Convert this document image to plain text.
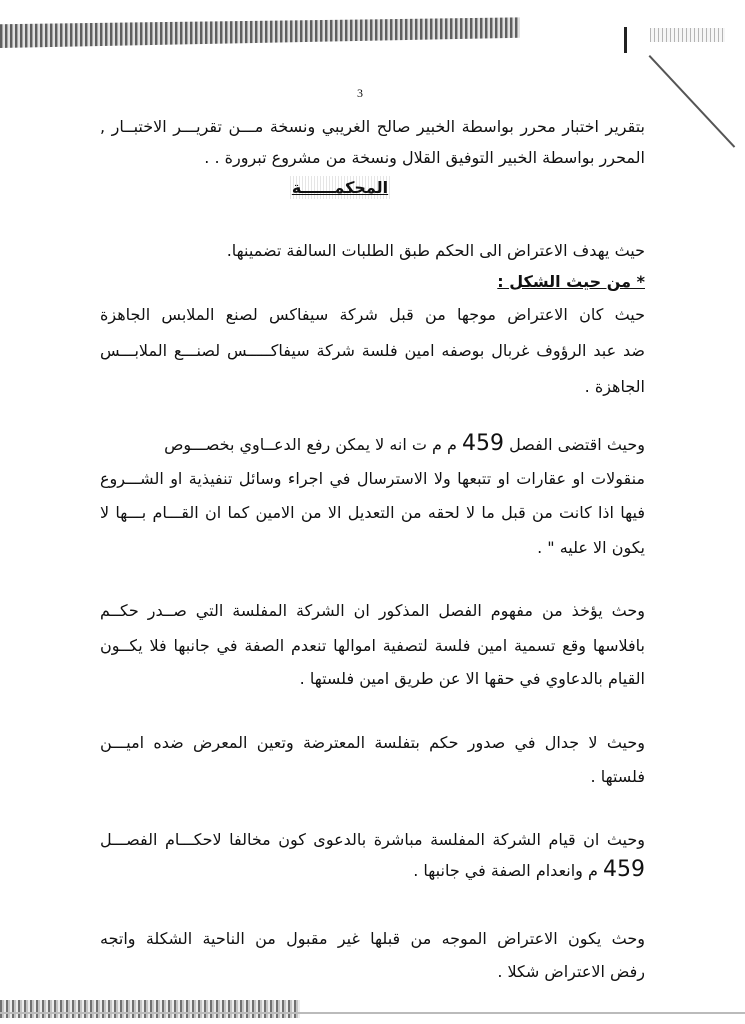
3
بتقرير اختبار محرر بواسطة الخبير صالح الغريبي ونسخة مـــن تقريـــر الاختبــار ,
المحرر بواسطة الخبير التوفيق القلال ونسخة من مشروع تبرورة . .
المحكمــــــة
حيث يهدف الاعتراض الى الحكم طبق الطلبات السالفة تضمينها.
* من حيث الشكل :
حيث كان الاعتراض موجها من قبل شركة سيفاكس لصنع الملابس الجاهزة
ضد عبد الرؤوف غربال بوصفه امين فلسة شركة سيفاكـــــس لصنـــع الملابـــس
الجاهزة .
وحيث اقتضى الفصل 459 م م ت انه لا يمكن رفع الدعــاوي بخصـــوص
منقولات او عقارات او تتبعها ولا الاسترسال في اجراء وسائل تنفيذية او الشـــروع
فيها اذا كانت من قبل ما لا لحقه من التعديل الا من الامين كما ان القـــام بـــها لا
يكون الا عليه " .
وحث يؤخذ من مفهوم الفصل المذكور ان الشركة المفلسة التي صــدر حكــم
بافلاسها وقع تسمية امين فلسة لتصفية اموالها تنعدم الصفة في جانبها فلا يكــون
القيام بالدعاوي في حقها الا عن طريق امين فلستها .
وحيث لا جدال في صدور حكم بتفلسة المعترضة وتعين المعرض ضده اميـــن
فلستها .
وحيث ان قيام الشركة المفلسة مباشرة بالدعوى كون مخالفا لاحكـــام الفصـــل
459 م وانعدام الصفة في جانبها .
وحث يكون الاعتراض الموجه من قبلها غير مقبول من الناحية الشكلة واتجه
رفض الاعتراض شكلا .
